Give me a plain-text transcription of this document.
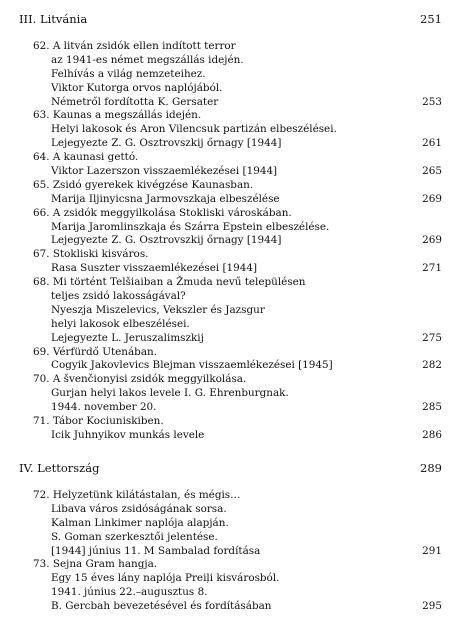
III. Litvánia	251
62. A litván zsidók ellen indított terror
az 1941-es német megszállás idején.
Felhívás a világ nemzeteihez.
Viktor Kutorga orvos naplójából.
Németről fordította K. Gersater	253
63. Kaunas a megszállás idején.
Helyi lakosok és Aron Vilencsuk partizán elbeszélései.
Lejegyezte Z. G. Osztrovszkij őrnagy [1944]	261
64. A kaunasi gettó.
Viktor Lazerszon visszaemlékezései [1944]	265
65. Zsidó gyerekek kivégzése Kaunasban.
Marija Iljinyicsna Jarmovszkaja elbeszélése	269
66. A zsidók meggyilkolása Stokliski városkában.
Marija Jaromlinszkaja és Szárra Epstein elbeszélése.
Lejegyezte Z. G. Osztrovszkij őrnagy [1944]	269
67. Stokliski kisváros.
Rasa Suszter visszaemlékezései [1944]	271
68. Mi történt Telšiaiban a Žmuda nevű településen
teljes zsidó lakosságával?
Nyeszja Miszelevics, Vekszler és Jazsgur
helyi lakosok elbeszélései.
Lejegyezte L. Jeruszalimszkij	275
69. Vérfürdő Utenában.
Cogyik Jakovlevics Blejman visszaemlékezései [1945]	282
70. A švenčionyisi zsidók meggyilkolása.
Gurjan helyi lakos levele I. G. Ehrenburgnak.
1944. november 20.	285
71. Tábor Kociuniskiben.
Icik Juhnyikov munkás levele	286
IV. Lettország	289
72. Helyzetünk kilátástalan, és mégis…
Libava város zsidóságának sorsa.
Kalman Linkimer naplója alapján.
S. Goman szerkesztői jelentése.
[1944] június 11. M Sambalad fordítása	291
73. Sejna Gram hangja.
Egy 15 éves lány naplója Preiļi kisvárosból.
1941. június 22.–augusztus 8.
B. Gercbah bevezetésével és fordításában	295
